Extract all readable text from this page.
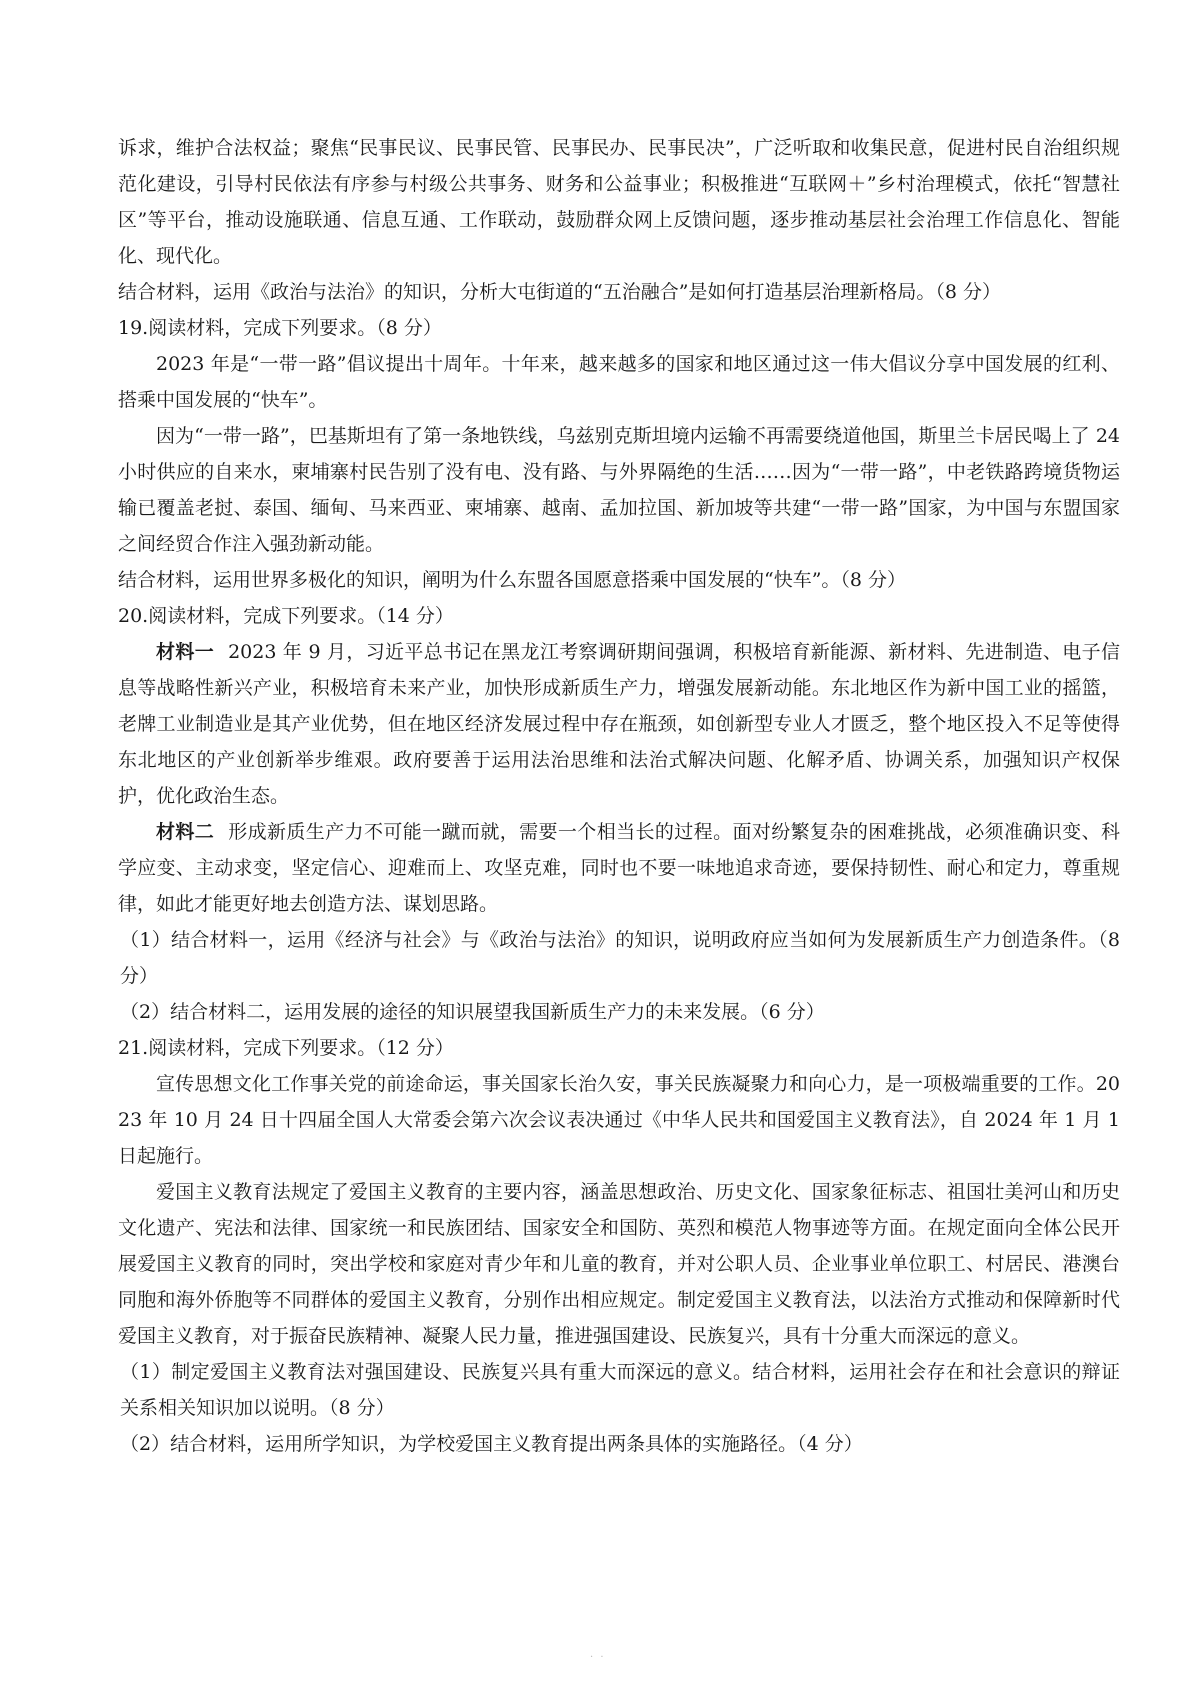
诉求，维护合法权益；聚焦“民事民议、民事民管、民事民办、民事民决”，广泛听取和收集民意，促进村民自治组织规范化建设，引导村民依法有序参与村级公共事务、财务和公益事业；积极推进“互联网＋”乡村治理模式，依托“智慧社区”等平台，推动设施联通、信息互通、工作联动，鼓励群众网上反馈问题，逐步推动基层社会治理工作信息化、智能化、现代化。

结合材料，运用《政治与法治》的知识，分析大屯街道的“五治融合”是如何打造基层治理新格局。（8 分）

19.阅读材料，完成下列要求。（8 分）

2023 年是“一带一路”倡议提出十周年。十年来，越来越多的国家和地区通过这一伟大倡议分享中国发展的红利、搭乘中国发展的“快车”。

因为“一带一路”，巴基斯坦有了第一条地铁线，乌兹别克斯坦境内运输不再需要绕道他国，斯里兰卡居民喝上了 24 小时供应的自来水，柬埔寨村民告别了没有电、没有路、与外界隔绝的生活……因为“一带一路”，中老铁路跨境货物运输已覆盖老挝、泰国、缅甸、马来西亚、柬埔寨、越南、孟加拉国、新加坡等共建“一带一路”国家，为中国与东盟国家之间经贸合作注入强劲新动能。

结合材料，运用世界多极化的知识，阐明为什么东盟各国愿意搭乘中国发展的“快车”。（8 分）

20.阅读材料，完成下列要求。（14 分）

材料一 2023 年 9 月，习近平总书记在黑龙江考察调研期间强调，积极培育新能源、新材料、先进制造、电子信息等战略性新兴产业，积极培育未来产业，加快形成新质生产力，增强发展新动能。东北地区作为新中国工业的摇篮，老牌工业制造业是其产业优势，但在地区经济发展过程中存在瓶颈，如创新型专业人才匮乏，整个地区投入不足等使得东北地区的产业创新举步维艰。政府要善于运用法治思维和法治式解决问题、化解矛盾、协调关系，加强知识产权保护，优化政治生态。

材料二 形成新质生产力不可能一蹴而就，需要一个相当长的过程。面对纷繁复杂的困难挑战，必须准确识变、科学应变、主动求变，坚定信心、迎难而上、攻坚克难，同时也不要一味地追求奇迹，要保持韧性、耐心和定力，尊重规律，如此才能更好地去创造方法、谋划思路。

（1）结合材料一，运用《经济与社会》与《政治与法治》的知识，说明政府应当如何为发展新质生产力创造条件。（8 分）

（2）结合材料二，运用发展的途径的知识展望我国新质生产力的未来发展。（6 分）

21.阅读材料，完成下列要求。（12 分）

宣传思想文化工作事关党的前途命运，事关国家长治久安，事关民族凝聚力和向心力，是一项极端重要的工作。2023 年 10 月 24 日十四届全国人大常委会第六次会议表决通过《中华人民共和国爱国主义教育法》，自 2024 年 1 月 1 日起施行。

爱国主义教育法规定了爱国主义教育的主要内容，涵盖思想政治、历史文化、国家象征标志、祖国壮美河山和历史文化遗产、宪法和法律、国家统一和民族团结、国家安全和国防、英烈和模范人物事迹等方面。在规定面向全体公民开展爱国主义教育的同时，突出学校和家庭对青少年和儿童的教育，并对公职人员、企业事业单位职工、村居民、港澳台同胞和海外侨胞等不同群体的爱国主义教育，分别作出相应规定。制定爱国主义教育法，以法治方式推动和保障新时代爱国主义教育，对于振奋民族精神、凝聚人民力量，推进强国建设、民族复兴，具有十分重大而深远的意义。

（1）制定爱国主义教育法对强国建设、民族复兴具有重大而深远的意义。结合材料，运用社会存在和社会意识的辩证关系相关知识加以说明。（8 分）

（2）结合材料，运用所学知识，为学校爱国主义教育提出两条具体的实施路径。（4 分）

· ·
